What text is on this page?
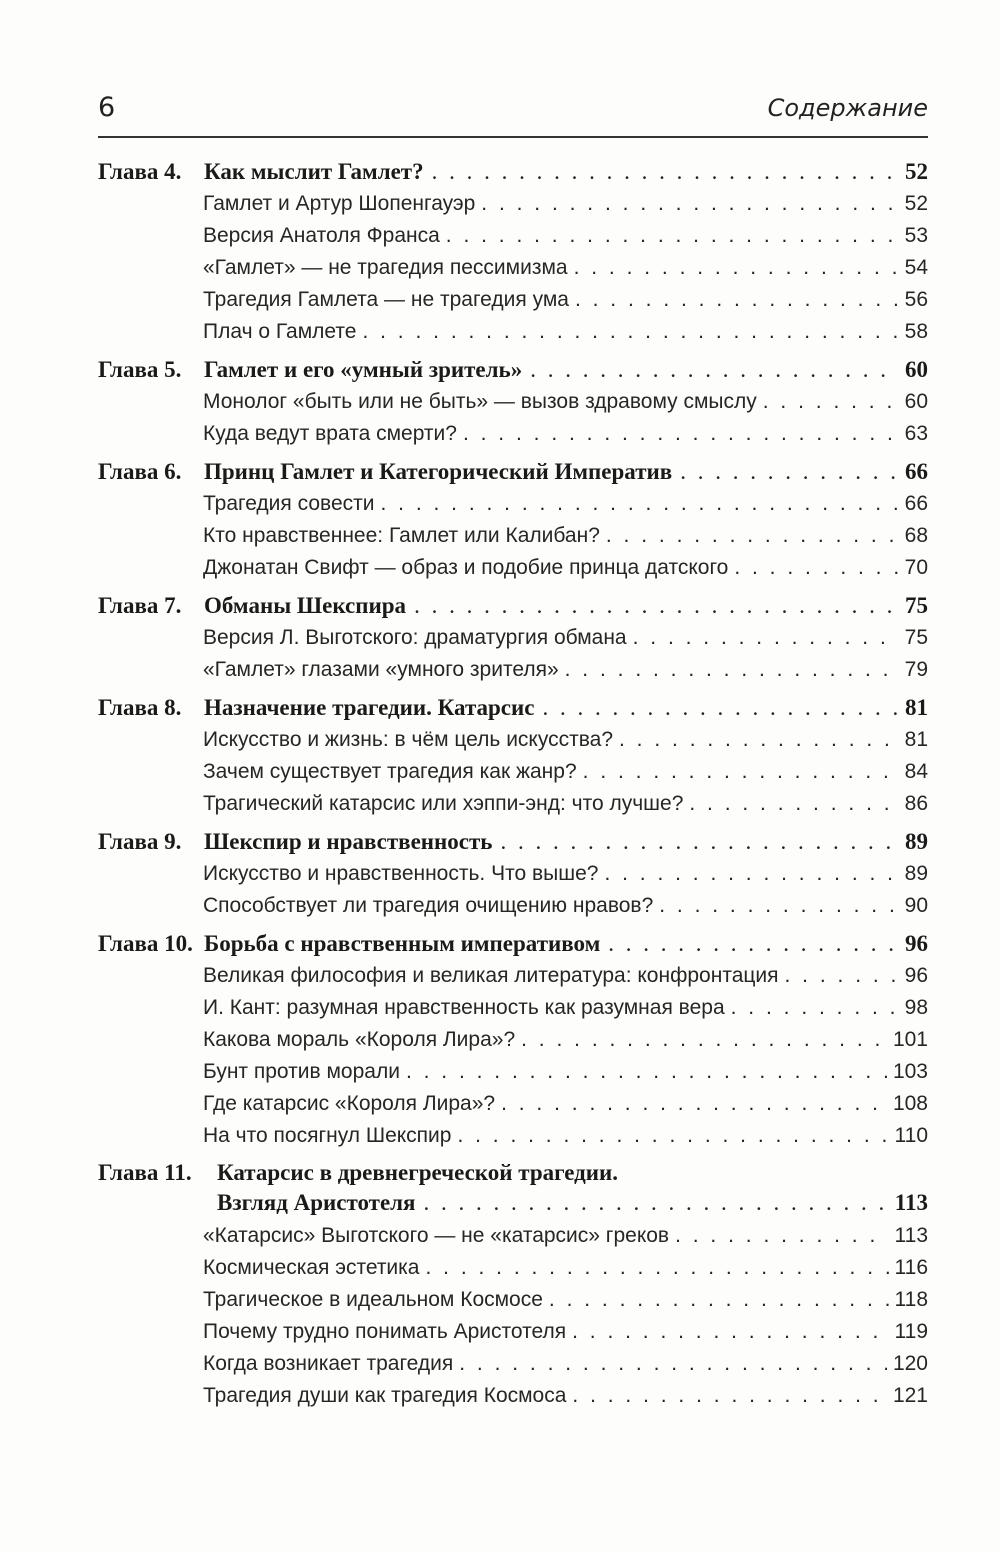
6	Содержание
Глава 4. Как мыслит Гамлет? . . .	52
Гамлет и Артур Шопенгауэр . . .	52
Версия Анатоля Франса . . .	53
«Гамлет» — не трагедия пессимизма . . .	54
Трагедия Гамлета — не трагедия ума . . .	56
Плач о Гамлете . . .	58
Глава 5. Гамлет и его «умный зритель» . . .	60
Монолог «быть или не быть» — вызов здравому смыслу . . .	60
Куда ведут врата смерти? . . .	63
Глава 6. Принц Гамлет и Категорический Императив . . .	66
Трагедия совести . . .	66
Кто нравственнее: Гамлет или Калибан? . . .	68
Джонатан Свифт — образ и подобие принца датского . . .	70
Глава 7. Обманы Шекспира . . .	75
Версия Л. Выготского: драматургия обмана . . .	75
«Гамлет» глазами «умного зрителя» . . .	79
Глава 8. Назначение трагедии. Катарсис . . .	81
Искусство и жизнь: в чём цель искусства? . . .	81
Зачем существует трагедия как жанр? . . .	84
Трагический катарсис или хэппи-энд: что лучше? . . .	86
Глава 9. Шекспир и нравственность . . .	89
Искусство и нравственность. Что выше? . . .	89
Способствует ли трагедия очищению нравов? . . .	90
Глава 10. Борьба с нравственным императивом . . .	96
Великая философия и великая литература: конфронтация . . .	96
И. Кант: разумная нравственность как разумная вера . . .	98
Какова мораль «Короля Лира»? . . .	101
Бунт против морали . . .	103
Где катарсис «Короля Лира»? . . .	108
На что посягнул Шекспир . . .	110
Глава 11.	Катарсис в древнегреческой трагедии.
Взгляд Аристотеля . . .	113
«Катарсис» Выготского — не «катарсис» греков . . .	113
Космическая эстетика . . .	116
Трагическое в идеальном Космосе . . .	118
Почему трудно понимать Аристотеля . . .	119
Когда возникает трагедия . . .	120
Трагедия души как трагедия Космоса . . .	121
